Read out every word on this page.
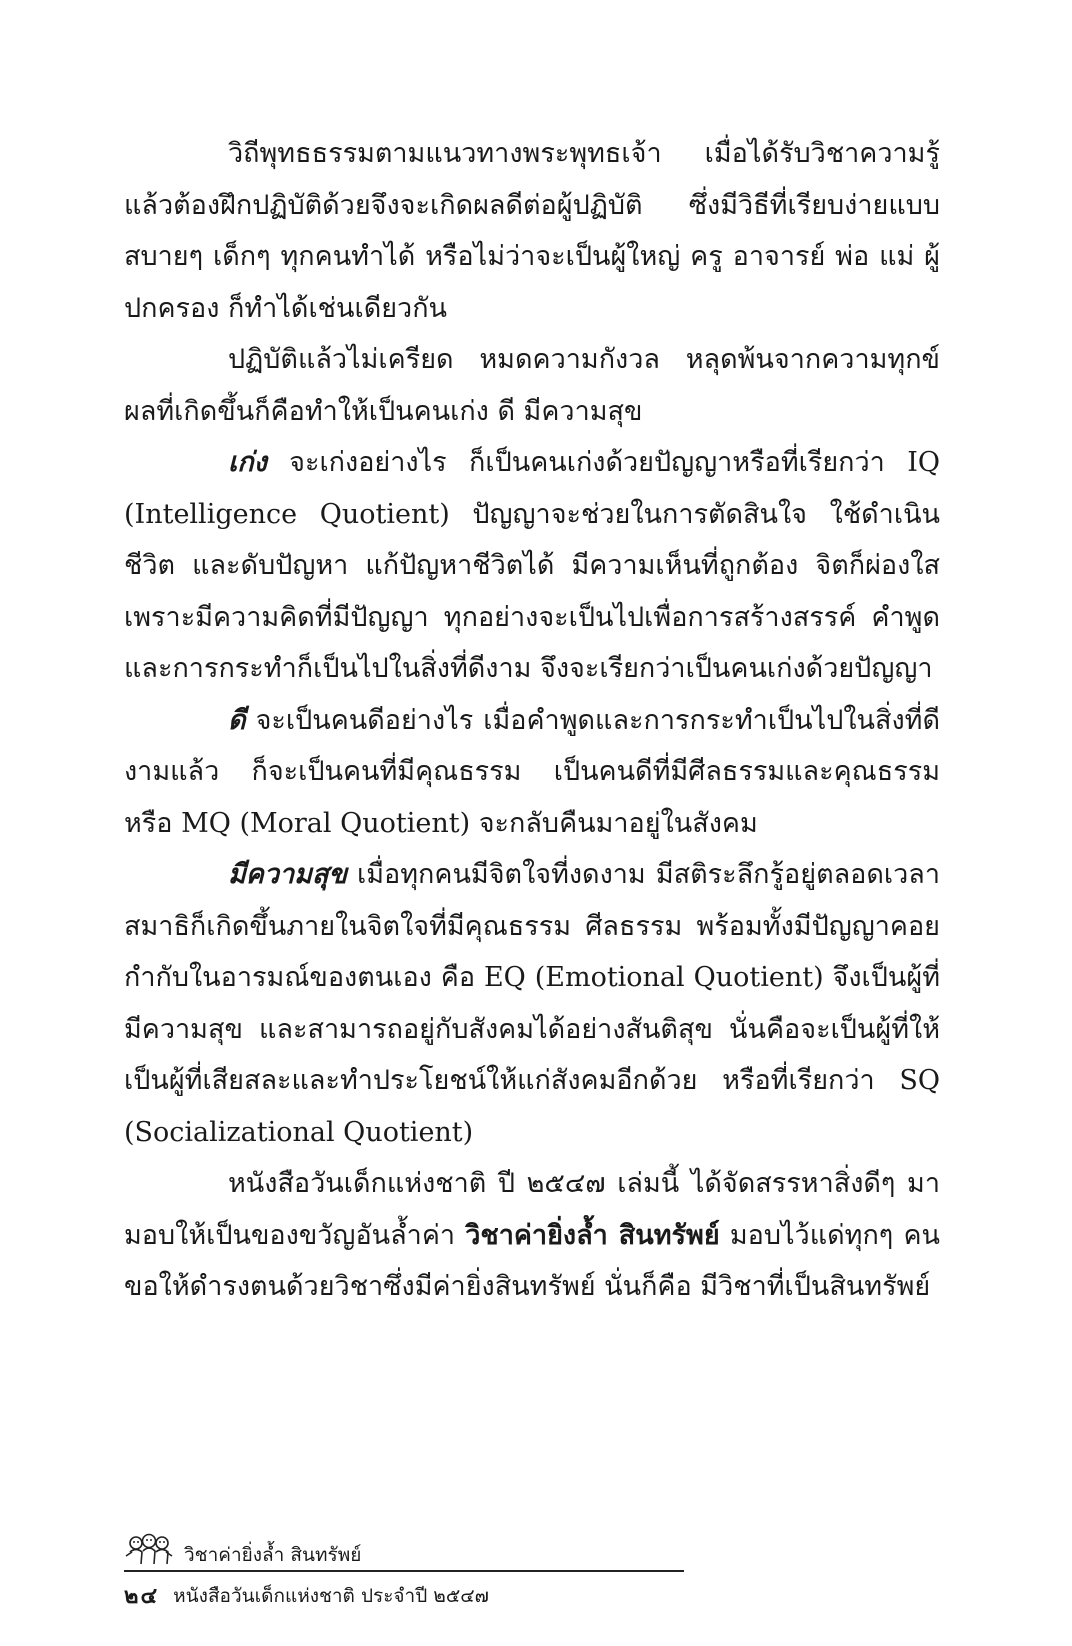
วิถีพุทธธรรมตามแนวทางพระพุทธเจ้า เมื่อได้รับวิชาความรู้แล้วต้องฝึกปฏิบัติด้วยจึงจะเกิดผลดีต่อผู้ปฏิบัติ ซึ่งมีวิธีที่เรียบง่ายแบบสบายๆ เด็กๆ ทุกคนทำได้ หรือไม่ว่าจะเป็นผู้ใหญ่ ครู อาจารย์ พ่อ แม่ ผู้ปกครอง ก็ทำได้เช่นเดียวกัน

ปฏิบัติแล้วไม่เครียด หมดความกังวล หลุดพ้นจากความทุกข์ ผลที่เกิดขึ้นก็คือทำให้เป็นคนเก่ง ดี มีความสุข

เก่ง จะเก่งอย่างไร ก็เป็นคนเก่งด้วยปัญญาหรือที่เรียกว่า IQ (Intelligence Quotient) ปัญญาจะช่วยในการตัดสินใจ ใช้ดำเนินชีวิต และดับปัญหา แก้ปัญหาชีวิตได้ มีความเห็นที่ถูกต้อง จิตก็ผ่องใส เพราะมีความคิดที่มีปัญญา ทุกอย่างจะเป็นไปเพื่อการสร้างสรรค์ คำพูดและการกระทำก็เป็นไปในสิ่งที่ดีงาม จึงจะเรียกว่าเป็นคนเก่งด้วยปัญญา

ดี จะเป็นคนดีอย่างไร เมื่อคำพูดและการกระทำเป็นไปในสิ่งที่ดีงามแล้ว ก็จะเป็นคนที่มีคุณธรรม เป็นคนดีที่มีศีลธรรมและคุณธรรม หรือ MQ (Moral Quotient) จะกลับคืนมาอยู่ในสังคม

มีความสุข เมื่อทุกคนมีจิตใจที่งดงาม มีสติระลึกรู้อยู่ตลอดเวลา สมาธิก็เกิดขึ้นภายในจิตใจที่มีคุณธรรม ศีลธรรม พร้อมทั้งมีปัญญาคอยกำกับในอารมณ์ของตนเอง คือ EQ (Emotional Quotient) จึงเป็นผู้ที่มีความสุข และสามารถอยู่กับสังคมได้อย่างสันติสุข นั่นคือจะเป็นผู้ที่ให้ เป็นผู้ที่เสียสละและทำประโยชน์ให้แก่สังคมอีกด้วย หรือที่เรียกว่า SQ (Socializational Quotient)

หนังสือวันเด็กแห่งชาติ ปี ๒๕๔๗ เล่มนี้ ได้จัดสรรหาสิ่งดีๆ มามอบให้เป็นของขวัญอันล้ำค่า วิชาค่ายิ่งล้ำ สินทรัพย์ มอบไว้แด่ทุกๆ คน ขอให้ดำรงตนด้วยวิชาซึ่งมีค่ายิ่งสินทรัพย์ นั่นก็คือ มีวิชาที่เป็นสินทรัพย์

วิชาค่ายิ่งล้ำ สินทรัพย์
๒๔ หนังสือวันเด็กแห่งชาติ ประจำปี ๒๕๔๗
